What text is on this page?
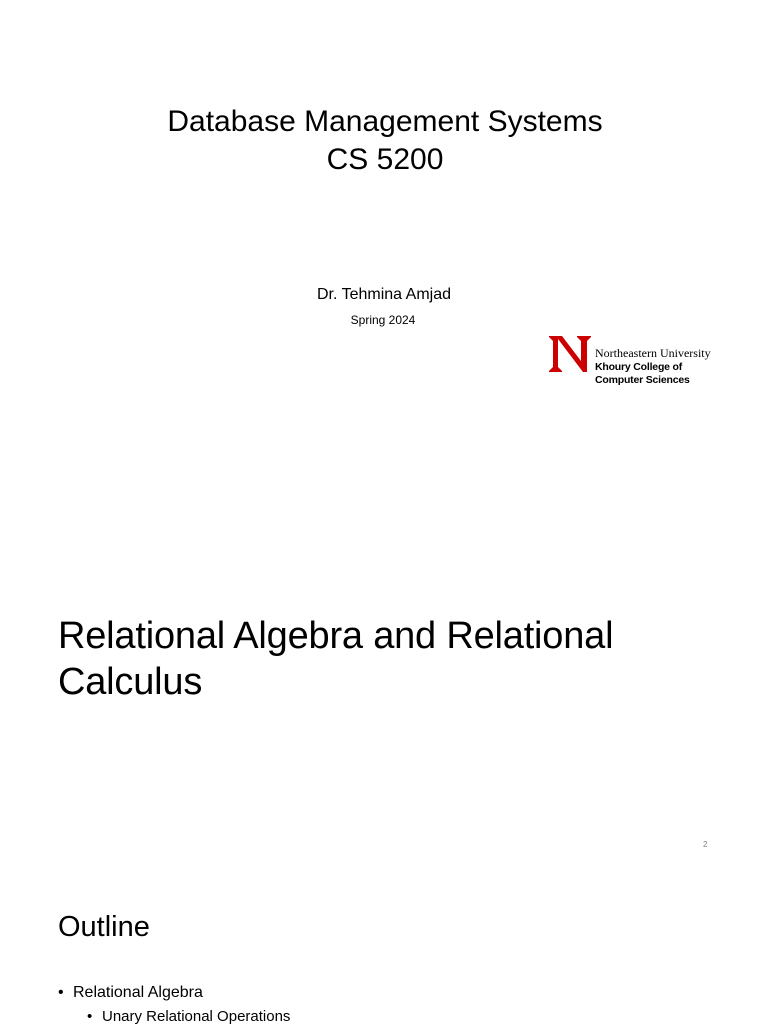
Database Management Systems
CS 5200
Dr. Tehmina Amjad
Spring 2024
Northeastern University
Khoury College of
Computer Sciences
Relational Algebra and Relational
Calculus
2
Outline
• Relational Algebra
• Unary Relational Operations
